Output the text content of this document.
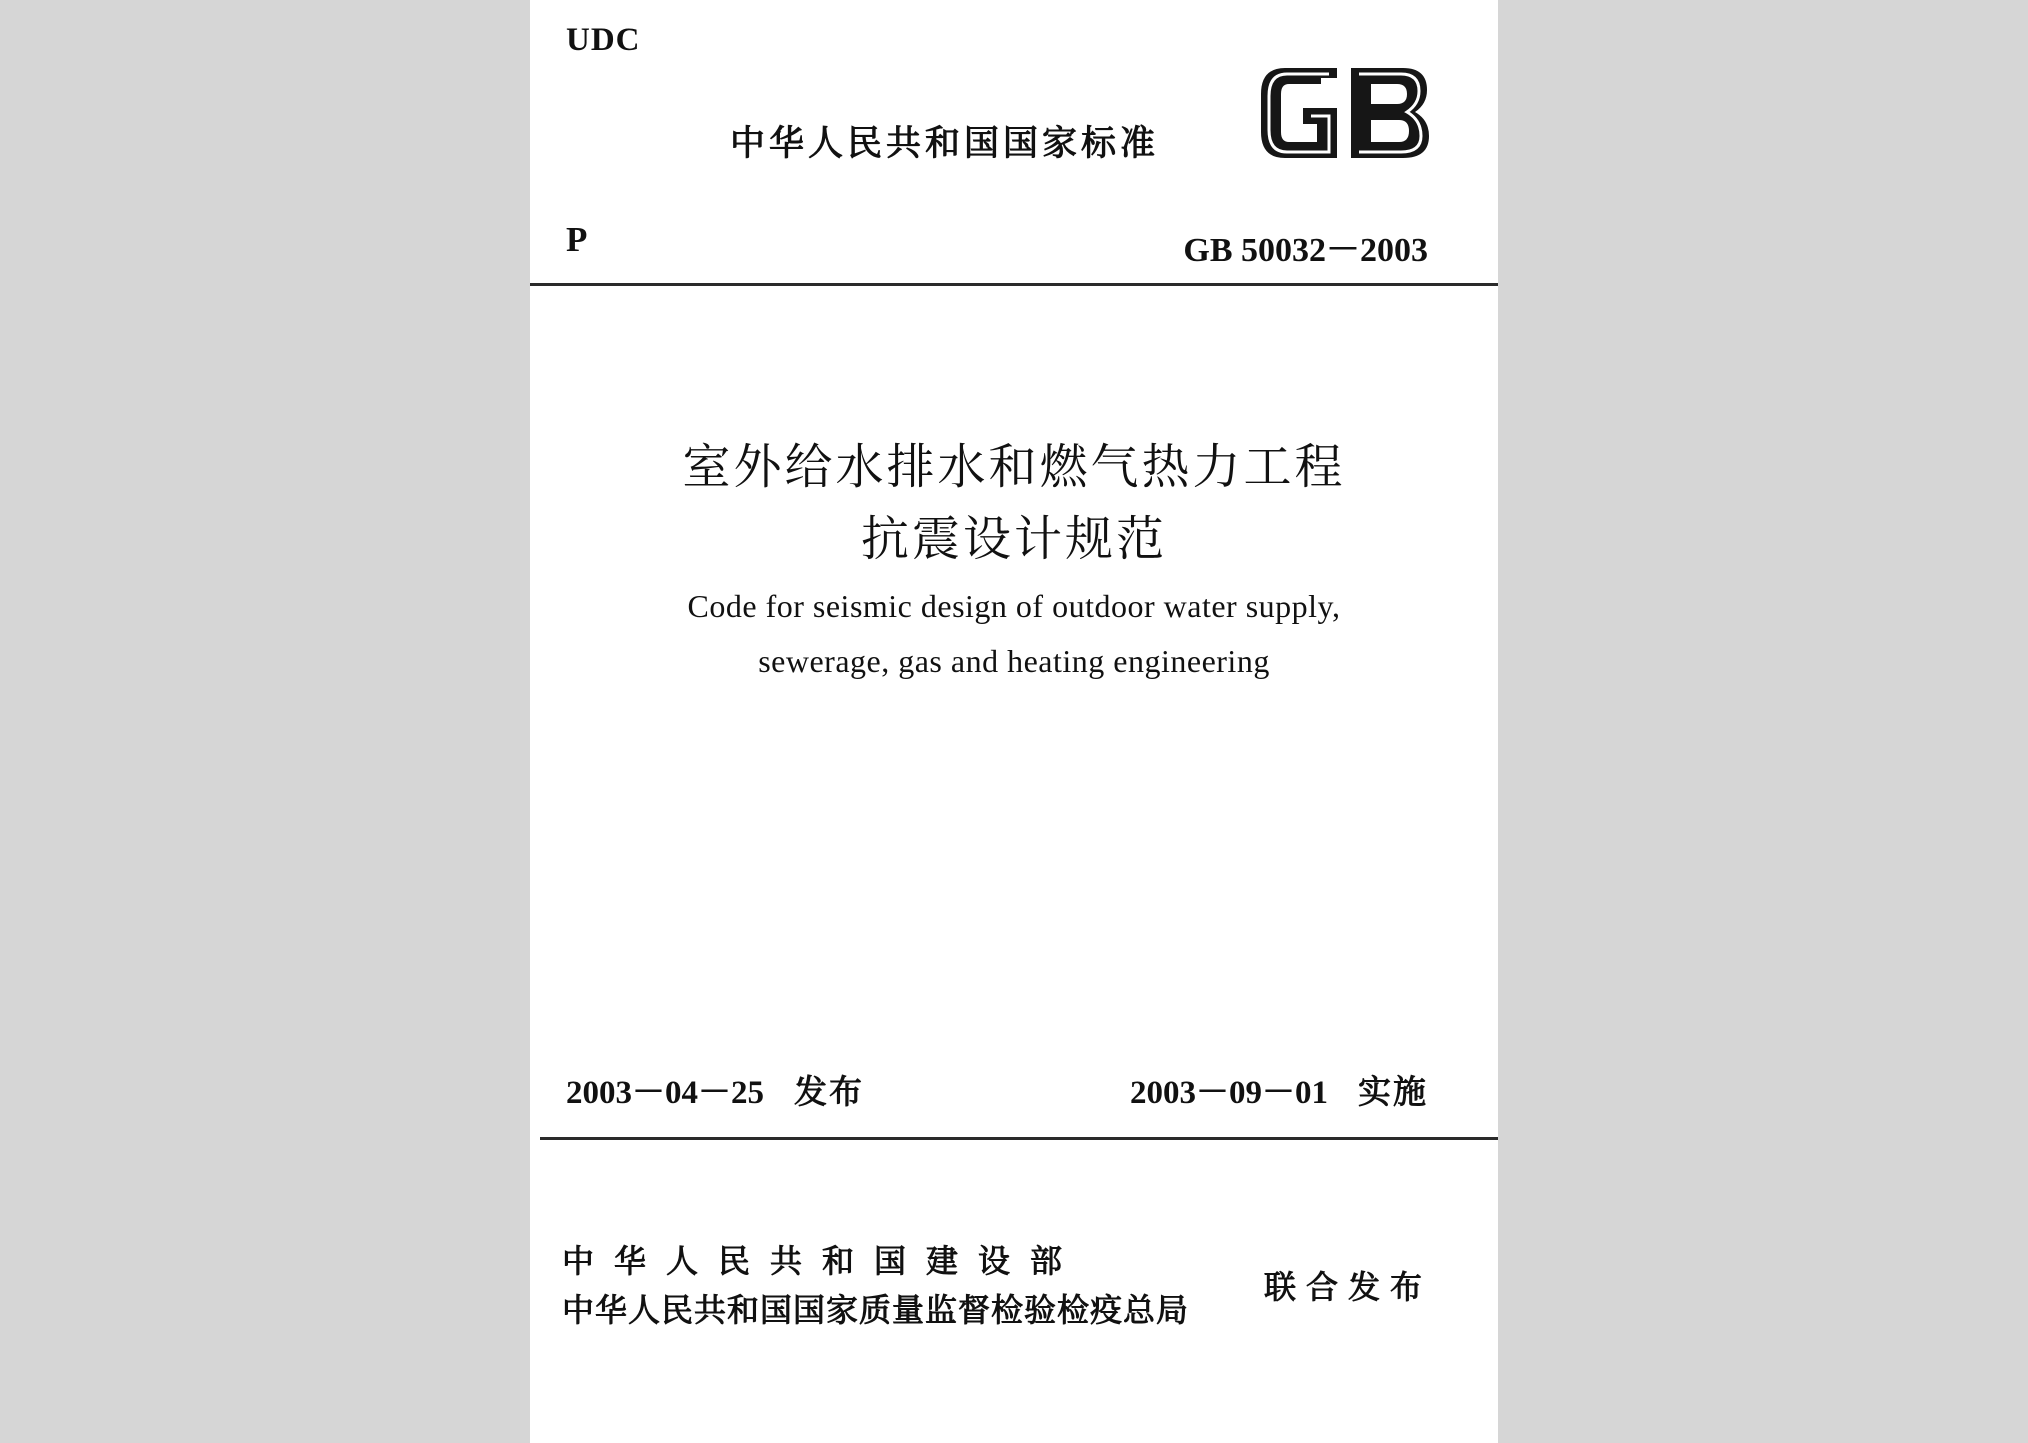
UDC
中华人民共和国国家标准
P	GB 50032－2003
室外给水排水和燃气热力工程
抗震设计规范
Code for seismic design of outdoor water supply,
sewerage, gas and heating engineering
2003－04－25 发布	2003－09－01 实施
中华人民共和国建设部
中华人民共和国国家质量监督检验检疫总局
联合发布
